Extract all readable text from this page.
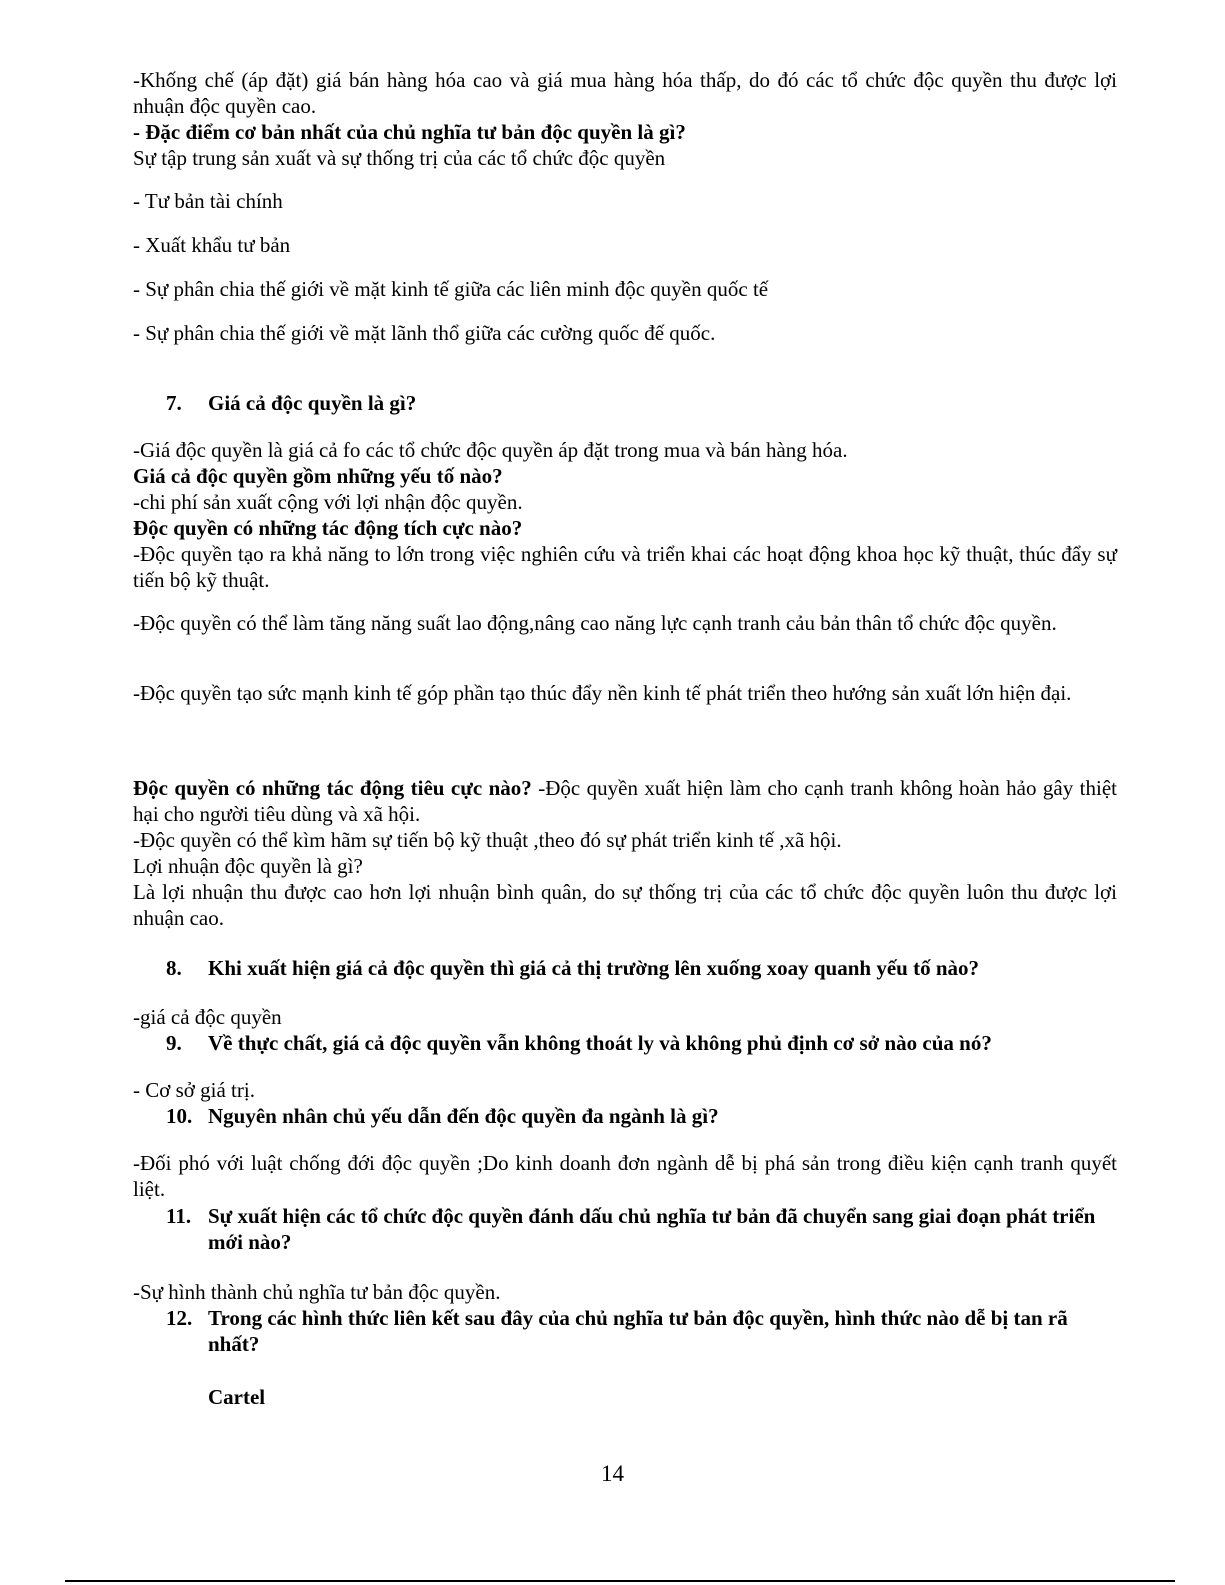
-Khống chế (áp đặt) giá bán hàng hóa cao và giá mua hàng hóa thấp, do đó các tổ chức độc quyền thu được lợi nhuận độc quyền cao.

- Đặc điểm cơ bản nhất của chủ nghĩa tư bản độc quyền là gì?

Sự tập trung sản xuất và sự thống trị của các tổ chức độc quyền

- Tư bản tài chính

- Xuất khẩu tư bản

- Sự phân chia thế giới về mặt kinh tế giữa các liên minh độc quyền quốc tế

- Sự phân chia thế giới về mặt lãnh thổ giữa các cường quốc đế quốc.

7. Giá cả độc quyền là gì?

-Giá độc quyền là giá cả fo các tổ chức độc quyền áp đặt trong mua và bán hàng hóa.

Giá cả độc quyền gồm những yếu tố nào?

-chi phí sản xuất cộng với lợi nhận độc quyền.

Độc quyền có những tác động tích cực nào?

-Độc quyền tạo ra khả năng to lớn trong việc nghiên cứu và triển khai các hoạt động khoa học kỹ thuật, thúc đẩy sự tiến bộ kỹ thuật.

-Độc quyền có thể làm tăng năng suất lao động,nâng cao năng lực cạnh tranh cảu bản thân tổ chức độc quyền.

-Độc quyền tạo sức mạnh kinh tế góp phần tạo thúc đẩy nền kinh tế phát triển theo hướng sản xuất lớn hiện đại.

Độc quyền có những tác động tiêu cực nào? -Độc quyền xuất hiện làm cho cạnh tranh không hoàn hảo gây thiệt hại cho người tiêu dùng và xã hội.

-Độc quyền có thể kìm hãm sự tiến bộ kỹ thuật ,theo đó sự phát triển kinh tế ,xã hội.

Lợi nhuận độc quyền là gì?

Là lợi nhuận thu được cao hơn lợi nhuận bình quân, do sự thống trị của các tổ chức độc quyền luôn thu được lợi nhuận cao.

8. Khi xuất hiện giá cả độc quyền thì giá cả thị trường lên xuống xoay quanh yếu tố nào?

-giá cả độc quyền

9. Về thực chất, giá cả độc quyền vẫn không thoát ly và không phủ định cơ sở nào của nó?

- Cơ sở giá trị.

10. Nguyên nhân chủ yếu dẫn đến độc quyền đa ngành là gì?

-Đối phó với luật chống đới độc quyền ;Do kinh doanh đơn ngành dễ bị phá sản trong điều kiện cạnh tranh quyết liệt.

11. Sự xuất hiện các tổ chức độc quyền đánh dấu chủ nghĩa tư bản đã chuyển sang giai đoạn phát triển mới nào?

-Sự hình thành chủ nghĩa tư bản độc quyền.

12. Trong các hình thức liên kết sau đây của chủ nghĩa tư bản độc quyền, hình thức nào dễ bị tan rã nhất?

Cartel

14
